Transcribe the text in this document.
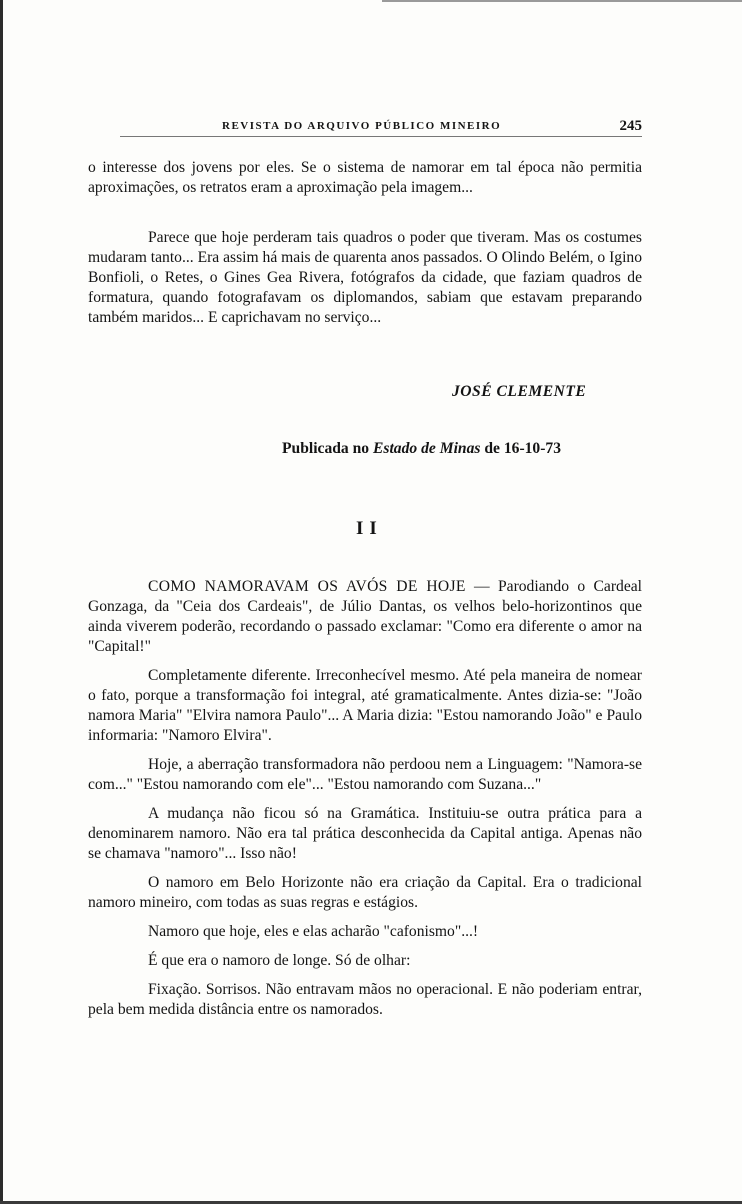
REVISTA DO ARQUIVO PÚBLICO MINEIRO	245

o interesse dos jovens por eles. Se o sistema de namorar em tal época não permitia aproximações, os retratos eram a aproximação pela imagem...

Parece que hoje perderam tais quadros o poder que tiveram. Mas os costumes mudaram tanto... Era assim há mais de quarenta anos passados. O Olindo Belém, o Igino Bonfioli, o Retes, o Gines Gea Rivera, fotógrafos da cidade, que faziam quadros de formatura, quando fotografavam os diplomandos, sabiam que estavam preparando também maridos... E caprichavam no serviço...

JOSÉ CLEMENTE
Publicada no Estado de Minas de 16-10-73
II

COMO NAMORAVAM OS AVÓS DE HOJE — Parodiando o Cardeal Gonzaga, da "Ceia dos Cardeais", de Júlio Dantas, os velhos belo-horizontinos que ainda viverem poderão, recordando o passado exclamar: "Como era diferente o amor na "Capital!"

Completamente diferente. Irreconhecível mesmo. Até pela maneira de nomear o fato, porque a transformação foi integral, até gramaticalmente. Antes dizia-se: "João namora Maria" "Elvira namora Paulo"... A Maria dizia: "Estou namorando João" e Paulo informaria: "Namoro Elvira".

Hoje, a aberração transformadora não perdoou nem a Linguagem: "Namora-se com..." "Estou namorando com ele"... "Estou namorando com Suzana..."

A mudança não ficou só na Gramática. Instituiu-se outra prática para a denominarem namoro. Não era tal prática desconhecida da Capital antiga. Apenas não se chamava "namoro"... Isso não!

O namoro em Belo Horizonte não era criação da Capital. Era o tradicional namoro mineiro, com todas as suas regras e estágios.

Namoro que hoje, eles e elas acharão "cafonismo"...!

É que era o namoro de longe. Só de olhar:

Fixação. Sorrisos. Não entravam mãos no operacional. E não poderiam entrar, pela bem medida distância entre os namorados.
